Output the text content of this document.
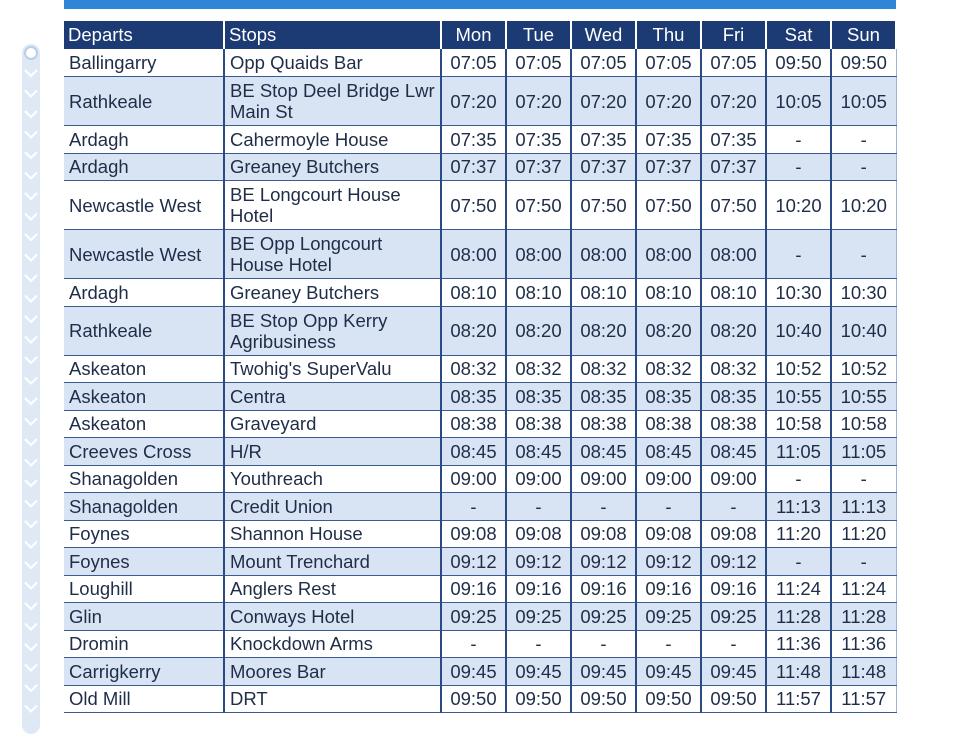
Departs	Stops	Mon	Tue	Wed	Thu	Fri	Sat	Sun
Ballingarry	Opp Quaids Bar	07:05	07:05	07:05	07:05	07:05	09:50	09:50
Rathkeale	BE Stop Deel Bridge Lwr Main St	07:20	07:20	07:20	07:20	07:20	10:05	10:05
Ardagh	Cahermoyle House	07:35	07:35	07:35	07:35	07:35	-	-
Ardagh	Greaney Butchers	07:37	07:37	07:37	07:37	07:37	-	-
Newcastle West	BE Longcourt House Hotel	07:50	07:50	07:50	07:50	07:50	10:20	10:20
Newcastle West	BE Opp Longcourt House Hotel	08:00	08:00	08:00	08:00	08:00	-	-
Ardagh	Greaney Butchers	08:10	08:10	08:10	08:10	08:10	10:30	10:30
Rathkeale	BE Stop Opp Kerry Agribusiness	08:20	08:20	08:20	08:20	08:20	10:40	10:40
Askeaton	Twohig's SuperValu	08:32	08:32	08:32	08:32	08:32	10:52	10:52
Askeaton	Centra	08:35	08:35	08:35	08:35	08:35	10:55	10:55
Askeaton	Graveyard	08:38	08:38	08:38	08:38	08:38	10:58	10:58
Creeves Cross	H/R	08:45	08:45	08:45	08:45	08:45	11:05	11:05
Shanagolden	Youthreach	09:00	09:00	09:00	09:00	09:00	-	-
Shanagolden	Credit Union	-	-	-	-	-	11:13	11:13
Foynes	Shannon House	09:08	09:08	09:08	09:08	09:08	11:20	11:20
Foynes	Mount Trenchard	09:12	09:12	09:12	09:12	09:12	-	-
Loughill	Anglers Rest	09:16	09:16	09:16	09:16	09:16	11:24	11:24
Glin	Conways Hotel	09:25	09:25	09:25	09:25	09:25	11:28	11:28
Dromin	Knockdown Arms	-	-	-	-	-	11:36	11:36
Carrigkerry	Moores Bar	09:45	09:45	09:45	09:45	09:45	11:48	11:48
Old Mill	DRT	09:50	09:50	09:50	09:50	09:50	11:57	11:57
